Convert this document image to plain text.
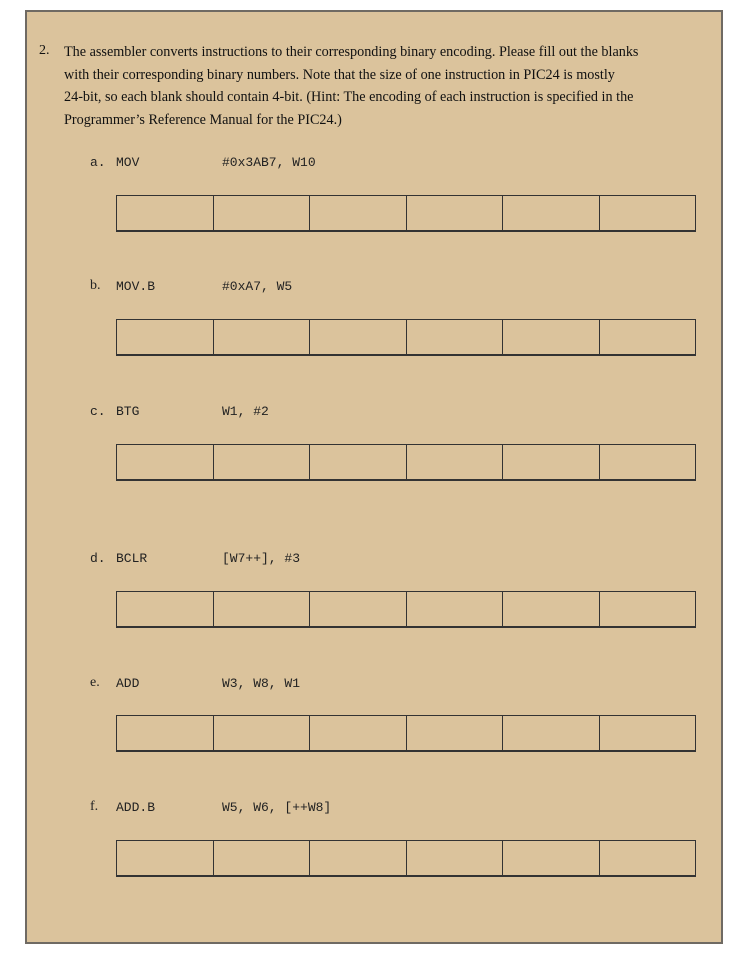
2. The assembler converts instructions to their corresponding binary encoding. Please fill out the blanks
with their corresponding binary numbers. Note that the size of one instruction in PIC24 is mostly
24-bit, so each blank should contain 4-bit. (Hint: The encoding of each instruction is specified in the
Programmer’s Reference Manual for the PIC24.)
a. MOV	#0x3AB7, W10
b. MOV.B	#0xA7, W5
c. BTG	W1, #2
d. BCLR	[W7++], #3
e. ADD	W3, W8, W1
f. ADD.B	W5, W6, [++W8]
